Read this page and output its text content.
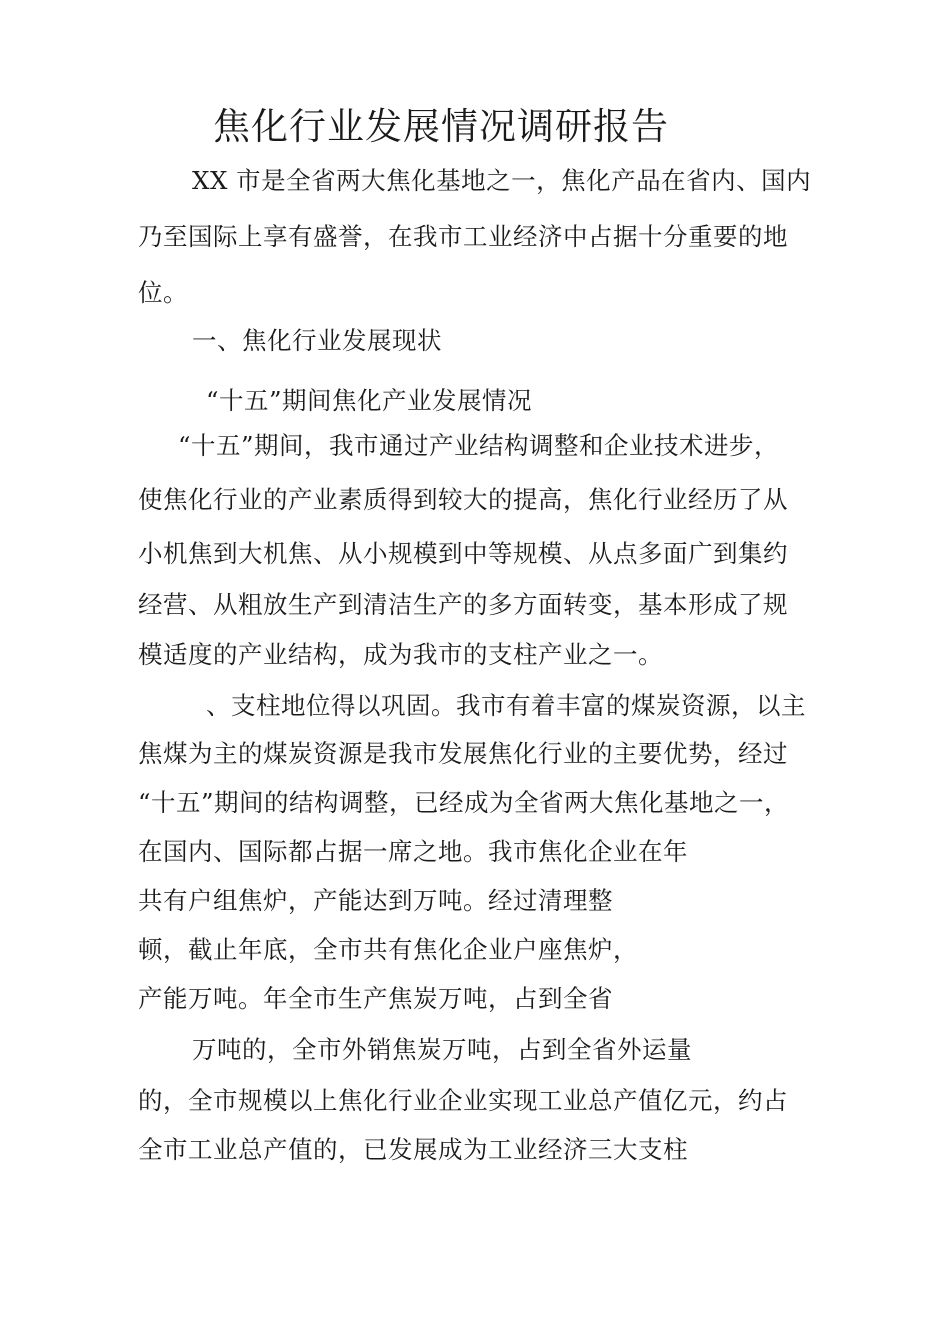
焦化行业发展情况调研报告
XX 市是全省两大焦化基地之一，焦化产品在省内、国内
乃至国际上享有盛誉，在我市工业经济中占据十分重要的地
位。
一、焦化行业发展现状
“十五”期间焦化产业发展情况
“十五”期间，我市通过产业结构调整和企业技术进步，
使焦化行业的产业素质得到较大的提高，焦化行业经历了从
小机焦到大机焦、从小规模到中等规模、从点多面广到集约
经营、从粗放生产到清洁生产的多方面转变，基本形成了规
模适度的产业结构，成为我市的支柱产业之一。
、支柱地位得以巩固。我市有着丰富的煤炭资源，以主
焦煤为主的煤炭资源是我市发展焦化行业的主要优势，经过
“十五”期间的结构调整，已经成为全省两大焦化基地之一，
在国内、国际都占据一席之地。我市焦化企业在年
共有户组焦炉，产能达到万吨。经过清理整
顿，截止年底，全市共有焦化企业户座焦炉，
产能万吨。年全市生产焦炭万吨，占到全省
万吨的，全市外销焦炭万吨，占到全省外运量
的，全市规模以上焦化行业企业实现工业总产值亿元，约占
全市工业总产值的，已发展成为工业经济三大支柱
